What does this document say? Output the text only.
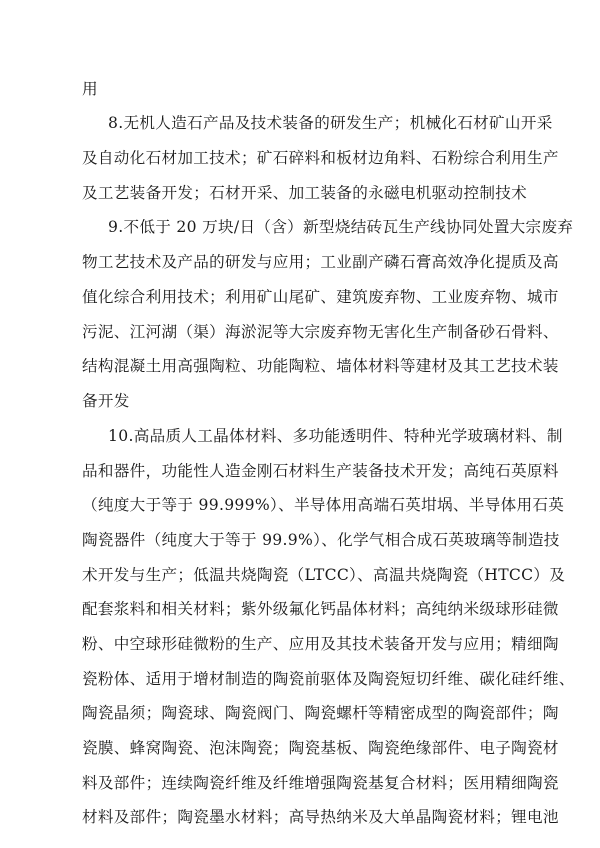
用
8.无机人造石产品及技术装备的研发生产；机械化石材矿山开采
及自动化石材加工技术；矿石碎料和板材边角料、石粉综合利用生产
及工艺装备开发；石材开采、加工装备的永磁电机驱动控制技术
9.不低于 20 万块/日（含）新型烧结砖瓦生产线协同处置大宗废弃
物工艺技术及产品的研发与应用；工业副产磷石膏高效净化提质及高
值化综合利用技术；利用矿山尾矿、建筑废弃物、工业废弃物、城市
污泥、江河湖（渠）海淤泥等大宗废弃物无害化生产制备砂石骨料、
结构混凝土用高强陶粒、功能陶粒、墙体材料等建材及其工艺技术装
备开发
10.高品质人工晶体材料、多功能透明件、特种光学玻璃材料、制
品和器件，功能性人造金刚石材料生产装备技术开发；高纯石英原料
（纯度大于等于 99.999%）、半导体用高端石英坩埚、半导体用石英
陶瓷器件（纯度大于等于 99.9%）、化学气相合成石英玻璃等制造技
术开发与生产；低温共烧陶瓷（LTCC）、高温共烧陶瓷（HTCC）及
配套浆料和相关材料；紫外级氟化钙晶体材料；高纯纳米级球形硅微
粉、中空球形硅微粉的生产、应用及其技术装备开发与应用；精细陶
瓷粉体、适用于增材制造的陶瓷前驱体及陶瓷短切纤维、碳化硅纤维、
陶瓷晶须；陶瓷球、陶瓷阀门、陶瓷螺杆等精密成型的陶瓷部件；陶
瓷膜、蜂窝陶瓷、泡沫陶瓷；陶瓷基板、陶瓷绝缘部件、电子陶瓷材
料及部件；连续陶瓷纤维及纤维增强陶瓷基复合材料；医用精细陶瓷
材料及部件；陶瓷墨水材料；高导热纳米及大单晶陶瓷材料；锂电池
